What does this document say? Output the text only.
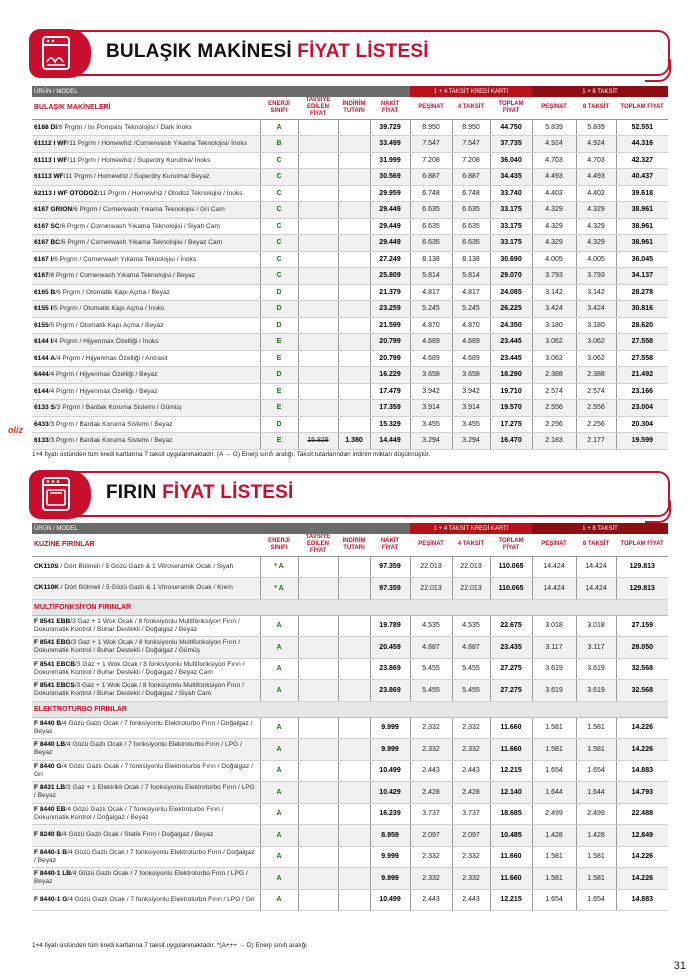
oliz
BULAŞIK MAKİNESİ FİYAT LİSTESİ
ÜRÜN / MODEL					1 + 4 TAKSİT KREDİ KARTI			1 + 8 TAKSİT		
BULAŞIK MAKİNELERİ	ENERJİ SINIFI	TAVSİYE EDİLEN FİYAT	İNDİRİM TUTARI	NAKİT FİYAT	PEŞİNAT	4 TAKSİT	TOPLAM FİYAT	PEŞİNAT	8 TAKSİT	TOPLAM FİYAT
6188 DI/8 Prgrm / Isı Pompası Teknolojisi / Dark İnoks	A			39.729	8.950	8.950	44.750	5.839	5.839	52.551
61112 I WF/11 Prgrm / Homewhiz /Cornerwash Yıkama Teknolojisi/ İnoks	B			33.499	7.547	7.547	37.735	4.924	4.924	44.316
61113 I WF/11 Prgrm / Homewhiz / Superdry Kurutma/ İnoks	C			31.999	7.208	7.208	36.040	4.703	4.703	42.327
61113 WF/11 Prgrm / Homewhiz / Superdry Kurutma/ Beyaz	C			30.569	6.887	6.887	34.435	4.493	4.493	40.437
62113 I WF OTODOZ/11 Prgrm / Homewhiz / Otodoz Teknolojisi / İnoks	C			29.959	6.748	6.748	33.740	4.402	4.402	39.618
6167 GRION/6 Prgrm / Cornerwash Yıkama Teknolojisi / Gri Cam	C			29.449	6.635	6.635	33.175	4.329	4.329	38.961
6167 SC/6 Prgrm / Cornerwash Yıkama Teknolojisi / Siyah Cam	C			29.449	6.635	6.635	33.175	4.329	4.329	38.961
6167 BC/6 Prgrm / Cornerwash Yıkama Teknolojisi / Beyaz Cam	C			29.449	6.635	6.635	33.175	4.329	4.329	38.961
6167 I/6 Prgrm / Cornerwash Yıkama Teknolojisi / İnoks	C			27.249	6.138	6.138	30.690	4.005	4.005	36.045
6167/6 Prgrm / Cornerwash Yıkama Teknolojisi / Beyaz	C			25.809	5.814	5.814	29.070	3.793	3.793	34.137
6165 B/6 Prgrm / Otomatik Kapı Açma / Beyaz	D			21.379	4.817	4.817	24.085	3.142	3.142	28.278
6155 I/5 Prgrm / Otomatik Kapı Açma / İnoks	D			23.259	5.245	5.245	26.225	3.424	3.424	30.816
6155/5 Prgrm / Otomatik Kapı Açma / Beyaz	D			21.599	4.870	4.870	24.350	3.180	3.180	28.620
6144 I/4 Prgrm / Hijyenmax Özelliği / İnoks	E			20.799	4.689	4.689	23.445	3.062	3.062	27.558
6144 A/4 Prgrm / Hijyenmax Özelliği / Antrasit	E			20.799	4.689	4.689	23.445	3.062	3.062	27.558
6444/4 Prgrm / Hijyenmax Özelliği / Beyaz	D			16.229	3.658	3.658	18.290	2.388	2.388	21.492
6144/4 Prgrm / Hijyenmax Özelliği / Beyaz	E			17.479	3.942	3.942	19.710	2.574	2.574	23.166
6133 S/3 Prgrm / Bardak Koruma Sistemi / Gümüş	E			17.359	3.914	3.914	19.570	2.556	2.556	23.004
6433/3 Prgrm / Bardak Koruma Sistemi / Beyaz	D			15.329	3.455	3.455	17.275	2.256	2.256	20.304
6133/3 Prgrm / Bardak Koruma Sistemi / Beyaz	E	15.829	1.380	14.449	3.294	3.294	16.470	2.183	2.177	19.599
1+4 fiyatı üstünden tüm kredi kartlarına 7 taksit uygulanmaktadır. (A → G) Enerji sınıfı aralığı. Taksit tutarlarından indirim miktarı düşülmüştür.
FIRIN FİYAT LİSTESİ
ÜRÜN / MODEL					1 + 4 TAKSİT KREDİ KARTI			1 + 8 TAKSİT		
KUZİNE FIRINLAR	ENERJİ SINIFI	TAVSİYE EDİLEN FİYAT	İNDİRİM TUTARI	NAKİT FİYAT	PEŞİNAT	4 TAKSİT	TOPLAM FİYAT	PEŞİNAT	8 TAKSİT	TOPLAM FİYAT
CK110S / Dört Bölmeli / 5 Gözü Gazlı & 1 Vitroseramik Ocak / Siyah	* A			97.359	22.013	22.013	110.065	14.424	14.424	129.813
CK110K / Dört Bölmeli / 5 Gözü Gazlı & 1 Vitroseramik Ocak / Krem	* A			97.359	22.013	22.013	110.065	14.424	14.424	129.813
MULTİFONKSİYON FIRINLAR										
F 8541 EBB/3 Gaz + 1 Wok Ocak / 8 fonksiyonlu Multifonksiyon Fırın / Dokunmatik Kontrol / Buhar Destekli / Doğalgaz / Beyaz	A			19.789	4.535	4.535	22.675	3.018	3.018	27.159
F 8541 EBG/3 Gaz + 1 Wok Ocak / 8 fonksiyonlu Multifonksiyon Fırın / Dokunmatik Kontrol / Buhar Destekli / Doğalgaz / Gümüş	A			20.459	4.687	4.687	23.435	3.117	3.117	28.050
F 8541 EBCB/3 Gaz + 1 Wok Ocak / 8 fonksiyonlu Multifonksiyon Fırın / Dokunmatik Kontrol / Buhar Destekli / Doğalgaz / Beyaz Cam	A			23.869	5.455	5.455	27.275	3.619	3.619	32.568
F 8541 EBCS/3 Gaz + 1 Wok Ocak / 8 fonksiyonlu Multifonksiyon Fırın / Dokunmatik Kontrol / Buhar Destekli / Doğalgaz / Siyah Cam	A			23.869	5.455	5.455	27.275	3.619	3.619	32.568
ELEKTROTURBO FIRINLAR										
F 8440 B/4 Gözü Gazlı Ocak / 7 fonksiyonlu Elektroturbo Fırın / Doğalgaz / Beyaz	A			9.999	2.332	2.332	11.660	1.581	1.581	14.226
F 8440 LB/4 Gözü Gazlı Ocak / 7 fonksiyonlu Elektroturbo Fırın / LPG / Beyaz	A			9.999	2.332	2.332	11.660	1.581	1.581	14.226
F 8440 G/4 Gözü Gazlı Ocak / 7 fonksiyonlu Elektroturbo Fırın / Doğalgaz / Gri	A			10.499	2.443	2.443	12.215	1.654	1.654	14.883
F 8431 LB/3 Gaz + 1 Elektrikli Ocak / 7 fonksiyonlu Elektroturbo Fırın / LPG / Beyaz	A			10.429	2.428	2.428	12.140	1.644	1.644	14.793
F 8440 EB/4 Gözü Gazlı Ocak / 7 fonksiyonlu Elektroturbo Fırın / Dokunmatik Kontrol / Doğalgaz / Beyaz	A			16.239	3.737	3.737	18.685	2.499	2.499	22.488
F 8240 B/4 Gözü Gazlı Ocak / Statik Fırın / Doğalgaz / Beyaz	A			8.959	2.097	2.097	10.485	1.428	1.428	12.849
F 8440-1 B/4 Gözü Gazlı Ocak / 7 fonksiyonlu Elektroturbo Fırın / Doğalgaz / Beyaz	A			9.999	2.332	2.332	11.660	1.581	1.581	14.226
F 8440-1 LB/4 Gözü Gazlı Ocak / 7 fonksiyonlu Elektroturbo Fırın / LPG / Beyaz	A			9.999	2.332	2.332	11.660	1.581	1.581	14.226
F 8440-1 G/4 Gözü Gazlı Ocak / 7 fonksiyonlu Elektroturbo Fırın / LPG / Gri	A			10.499	2.443	2.443	12.215	1.654	1.654	14.883
1+4 fiyatı üstünden tüm kredi kartlarına 7 taksit uygulanmaktadır. *(A+++ → D) Enerji sınıfı aralığı
31
